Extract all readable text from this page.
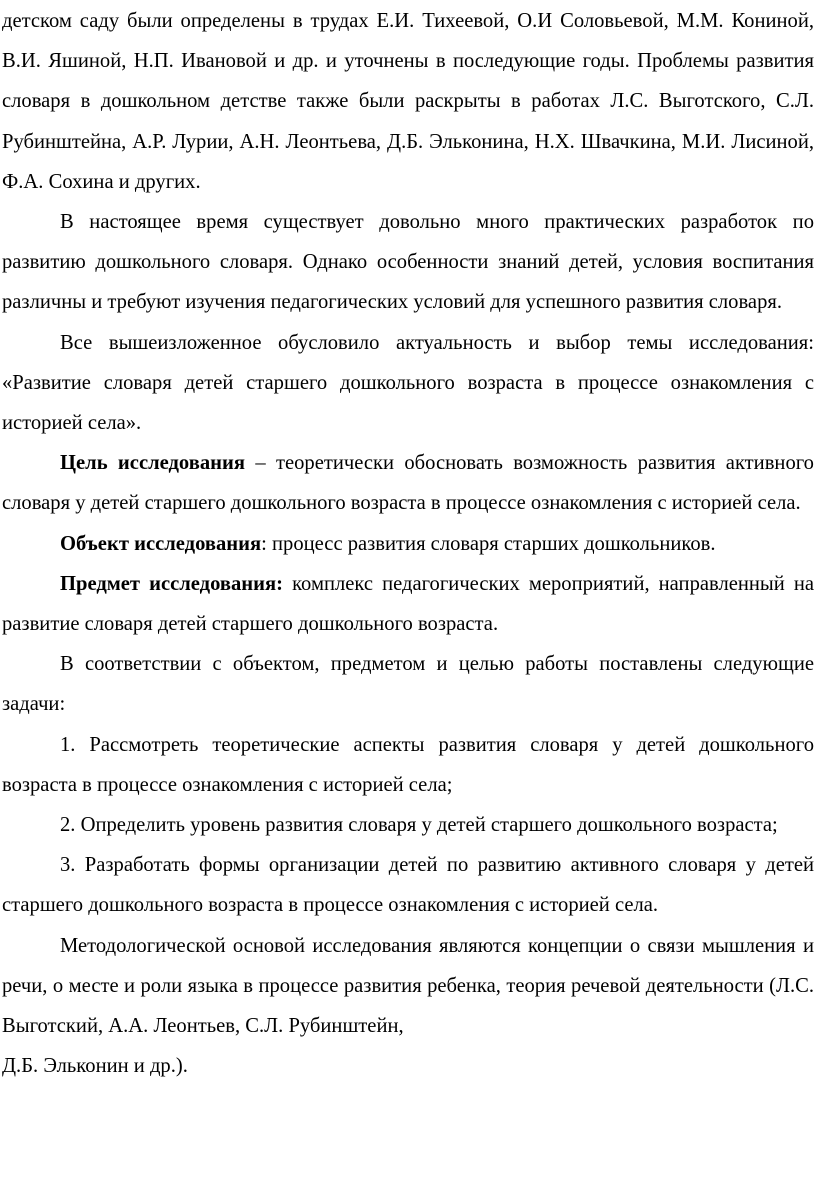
детском саду были определены в трудах Е.И. Тихеевой, О.И Соловьевой, М.М. Кониной, В.И. Яшиной, Н.П. Ивановой и др. и уточнены в последующие годы. Проблемы развития словаря в дошкольном детстве также были раскрыты в работах Л.С. Выготского, С.Л. Рубинштейна, А.Р. Лурии, А.Н. Леонтьева, Д.Б. Эльконина, Н.Х. Швачкина, М.И. Лисиной, Ф.А. Сохина и других.

В настоящее время существует довольно много практических разработок по развитию дошкольного словаря. Однако особенности знаний детей, условия воспитания различны и требуют изучения педагогических условий для успешного развития словаря.

Все вышеизложенное обусловило актуальность и выбор темы исследования: «Развитие словаря детей старшего дошкольного возраста в процессе ознакомления с историей села».

Цель исследования – теоретически обосновать возможность развития активного словаря у детей старшего дошкольного возраста в процессе ознакомления с историей села.

Объект исследования: процесс развития словаря старших дошкольников.

Предмет исследования: комплекс педагогических мероприятий, направленный на развитие словаря детей старшего дошкольного возраста.

В соответствии с объектом, предметом и целью работы поставлены следующие задачи:

1. Рассмотреть теоретические аспекты развития словаря у детей дошкольного возраста в процессе ознакомления с историей села;

2. Определить уровень развития словаря у детей старшего дошкольного возраста;

3. Разработать формы организации детей по развитию активного словаря у детей старшего дошкольного возраста в процессе ознакомления с историей села.

Методологической основой исследования являются концепции о связи мышления и речи, о месте и роли языка в процессе развития ребенка, теория речевой деятельности (Л.С. Выготский, А.А. Леонтьев, С.Л. Рубинштейн,

Д.Б. Эльконин и др.).
